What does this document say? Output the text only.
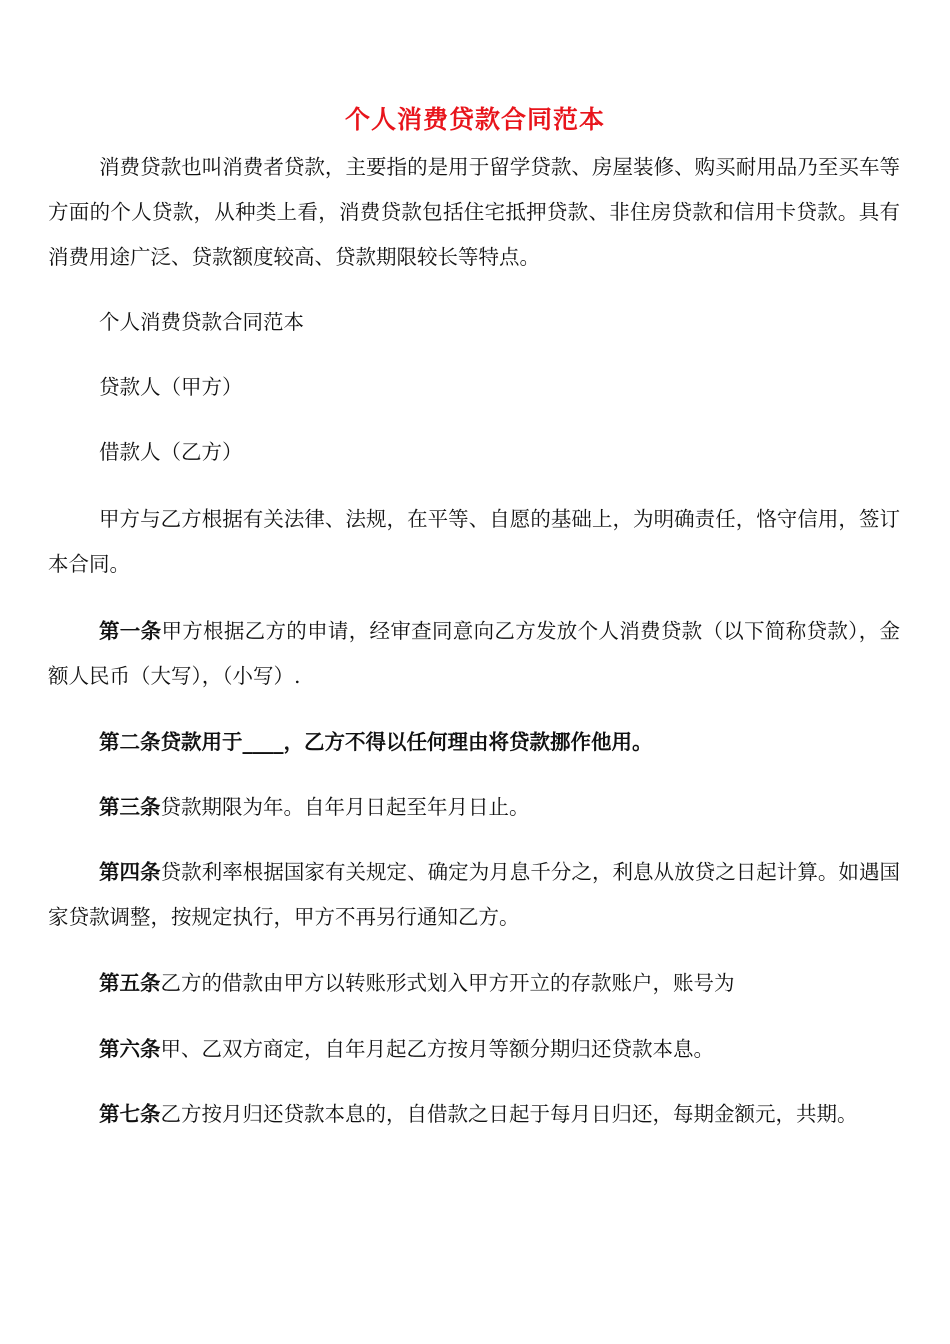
个人消费贷款合同范本

消费贷款也叫消费者贷款，主要指的是用于留学贷款、房屋装修、购买耐用品乃至买车等方面的个人贷款，从种类上看，消费贷款包括住宅抵押贷款、非住房贷款和信用卡贷款。具有消费用途广泛、贷款额度较高、贷款期限较长等特点。

个人消费贷款合同范本

贷款人（甲方）

借款人（乙方）

甲方与乙方根据有关法律、法规，在平等、自愿的基础上，为明确责任，恪守信用，签订本合同。

第一条甲方根据乙方的申请，经审查同意向乙方发放个人消费贷款（以下简称贷款），金额人民币（大写），（小写）.

第二条贷款用于____，乙方不得以任何理由将贷款挪作他用。

第三条贷款期限为年。自年月日起至年月日止。

第四条贷款利率根据国家有关规定、确定为月息千分之，利息从放贷之日起计算。如遇国家贷款调整，按规定执行，甲方不再另行通知乙方。

第五条乙方的借款由甲方以转账形式划入甲方开立的存款账户，账号为

第六条甲、乙双方商定，自年月起乙方按月等额分期归还贷款本息。

第七条乙方按月归还贷款本息的，自借款之日起于每月日归还，每期金额元，共期。
